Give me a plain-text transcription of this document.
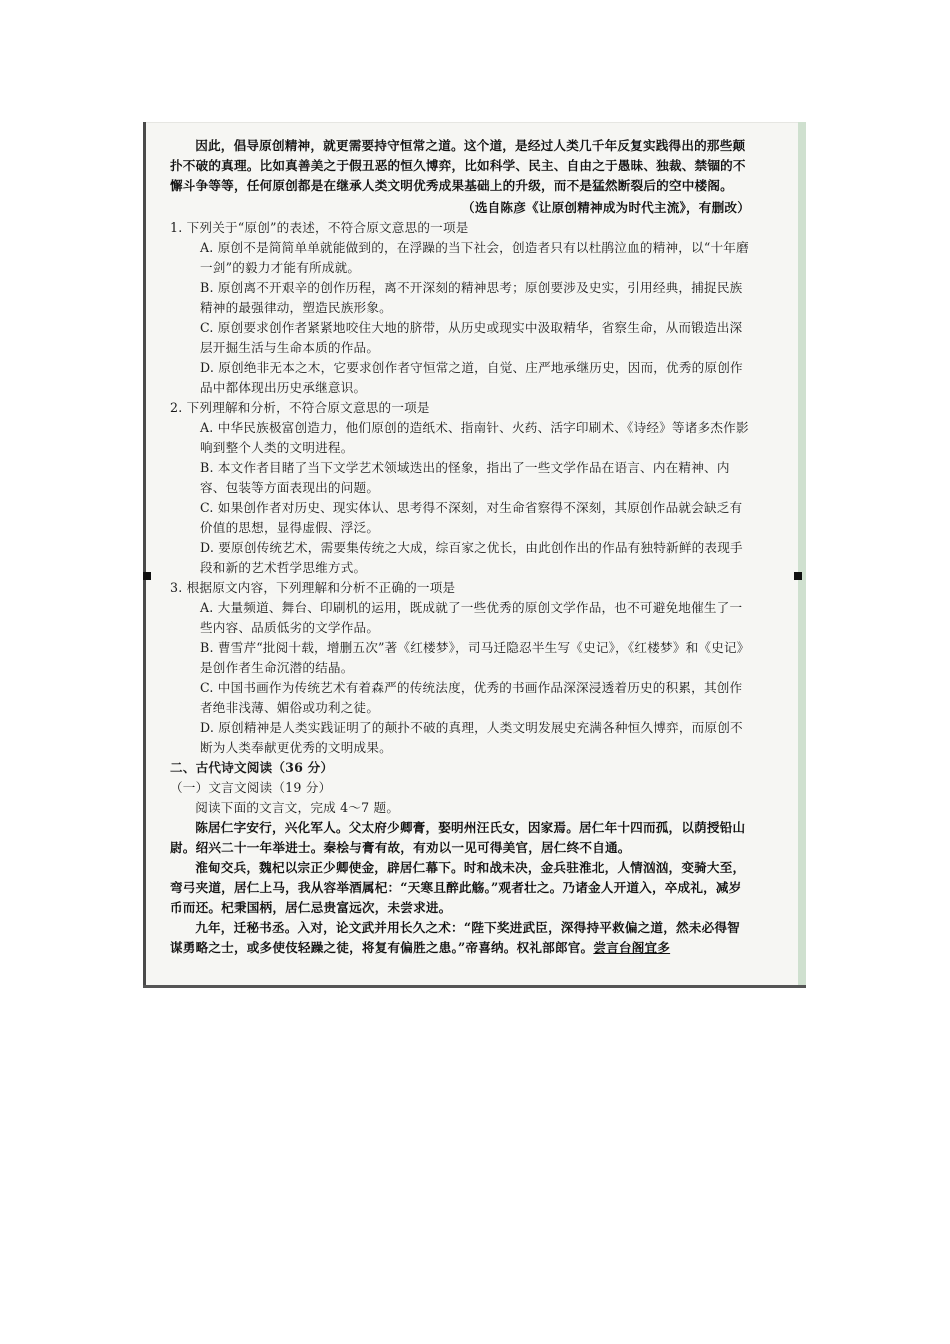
因此，倡导原创精神，就更需要持守恒常之道。这个道，是经过人类几千年反复实践得出的那些颠扑不破的真理。比如真善美之于假丑恶的恒久博弈，比如科学、民主、自由之于愚昧、独裁、禁锢的不懈斗争等等，任何原创都是在继承人类文明优秀成果基础上的升级，而不是猛然断裂后的空中楼阁。

（选自陈彦《让原创精神成为时代主流》，有删改）

1. 下列关于“原创”的表述，不符合原文意思的一项是

A. 原创不是简简单单就能做到的，在浮躁的当下社会，创造者只有以杜鹃泣血的精神，以“十年磨一剑”的毅力才能有所成就。

B. 原创离不开艰辛的创作历程，离不开深刻的精神思考；原创要涉及史实，引用经典，捕捉民族精神的最强律动，塑造民族形象。

C. 原创要求创作者紧紧地咬住大地的脐带，从历史或现实中汲取精华，省察生命，从而锻造出深层开掘生活与生命本质的作品。

D. 原创绝非无本之木，它要求创作者守恒常之道，自觉、庄严地承继历史，因而，优秀的原创作品中都体现出历史承继意识。

2. 下列理解和分析，不符合原文意思的一项是

A. 中华民族极富创造力，他们原创的造纸术、指南针、火药、活字印刷术、《诗经》等诸多杰作影响到整个人类的文明进程。

B. 本文作者目睹了当下文学艺术领域迭出的怪象，指出了一些文学作品在语言、内在精神、内容、包装等方面表现出的问题。

C. 如果创作者对历史、现实体认、思考得不深刻，对生命省察得不深刻，其原创作品就会缺乏有价值的思想，显得虚假、浮泛。

D. 要原创传统艺术，需要集传统之大成，综百家之优长，由此创作出的作品有独特新鲜的表现手段和新的艺术哲学思维方式。

3. 根据原文内容，下列理解和分析不正确的一项是

A. 大量频道、舞台、印刷机的运用，既成就了一些优秀的原创文学作品，也不可避免地催生了一些内容、品质低劣的文学作品。

B. 曹雪芹“批阅十载，增删五次”著《红楼梦》，司马迁隐忍半生写《史记》，《红楼梦》和《史记》是创作者生命沉潜的结晶。

C. 中国书画作为传统艺术有着森严的传统法度，优秀的书画作品深深浸透着历史的积累，其创作者绝非浅薄、媚俗或功利之徒。

D. 原创精神是人类实践证明了的颠扑不破的真理，人类文明发展史充满各种恒久博弈，而原创不断为人类奉献更优秀的文明成果。

二、古代诗文阅读（36 分）

（一）文言文阅读（19 分）

阅读下面的文言文，完成 4～7 题。

陈居仁字安行，兴化军人。父太府少卿膏，娶明州汪氏女，因家焉。居仁年十四而孤，以荫授铅山尉。绍兴二十一年举进士。秦桧与膏有故，有劝以一见可得美官，居仁终不自通。

淮甸交兵，魏杞以宗正少卿使金，辟居仁幕下。时和战未决，金兵驻淮北，人情汹汹，变骑大至，弯弓夹道，居仁上马，我从容举酒属杞：“天寒且醉此觞。”观者壮之。乃诸金人开道入，卒成礼，减岁币而还。杞秉国柄，居仁忌贵富远次，未尝求进。

九年，迁秘书丞。入对，论文武并用长久之术：“陛下奖进武臣，深得持平救偏之道，然未必得智谋勇略之士，或多使伎轻躁之徒，将复有偏胜之患。”帝喜纳。权礼部郎官。尝言台阁宜多
